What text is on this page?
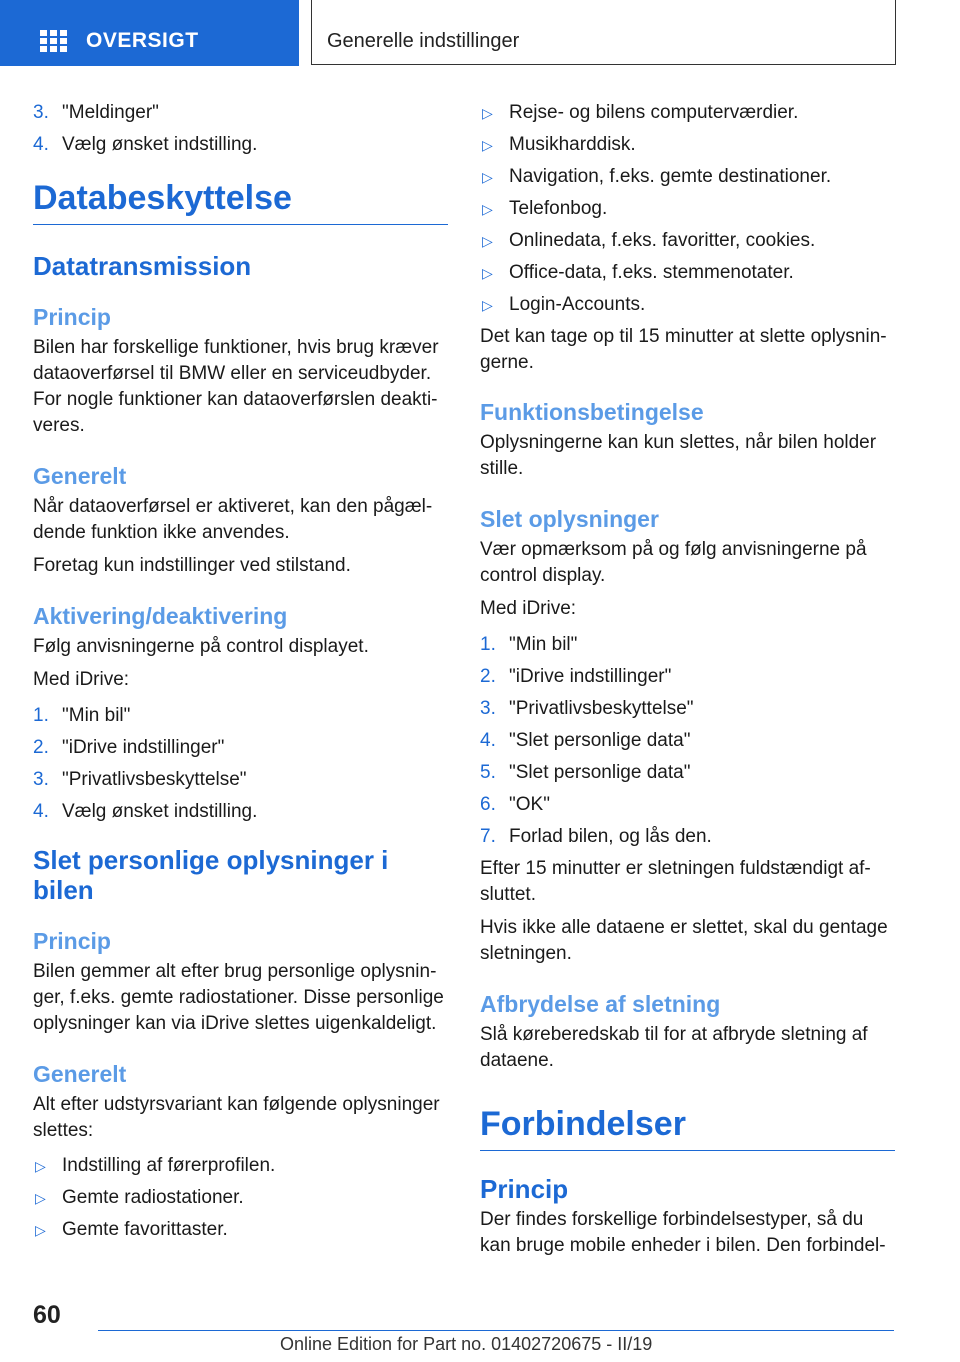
OVERSIGT	Generelle indstillinger
3. "Meldinger"
4. Vælg ønsket indstilling.
Databeskyttelse
Datatransmission
Princip

Bilen har forskellige funktioner, hvis brug kræver dataoverførsel til BMW eller en serviceudbyder. For nogle funktioner kan dataoverførslen deakti-veres.

Generelt

Når dataoverførsel er aktiveret, kan den pågæl-dende funktion ikke anvendes.

Foretag kun indstillinger ved stilstand.

Aktivering/deaktivering

Følg anvisningerne på control displayet.

Med iDrive:

1. "Min bil"
2. "iDrive indstillinger"
3. "Privatlivsbeskyttelse"
4. Vælg ønsket indstilling.
Slet personlige oplysninger i bilen
Princip

Bilen gemmer alt efter brug personlige oplysnin-ger, f.eks. gemte radiostationer. Disse personlige oplysninger kan via iDrive slettes uigenkaldeligt.

Generelt

Alt efter udstyrsvariant kan følgende oplysninger slettes:

▷ Indstilling af førerprofilen.
▷ Gemte radiostationer.
▷ Gemte favorittaster.
▷ Rejse- og bilens computerværdier.
▷ Musikharddisk.
▷ Navigation, f.eks. gemte destinationer.
▷ Telefonbog.
▷ Onlinedata, f.eks. favoritter, cookies.
▷ Office-data, f.eks. stemmenotater.
▷ Login-Accounts.

Det kan tage op til 15 minutter at slette oplysnin-gerne.

Funktionsbetingelse

Oplysningerne kan kun slettes, når bilen holder stille.

Slet oplysninger

Vær opmærksom på og følg anvisningerne på control display.

Med iDrive:

1. "Min bil"
2. "iDrive indstillinger"
3. "Privatlivsbeskyttelse"
4. "Slet personlige data"
5. "Slet personlige data"
6. "OK"
7. Forlad bilen, og lås den.

Efter 15 minutter er sletningen fuldstændigt af-sluttet.

Hvis ikke alle dataene er slettet, skal du gentage sletningen.

Afbrydelse af sletning

Slå køreberedskab til for at afbryde sletning af dataene.

Forbindelser
Princip

Der findes forskellige forbindelsestyper, så du kan bruge mobile enheder i bilen. Den forbindel-

60
Online Edition for Part no. 01402720675 - II/19
